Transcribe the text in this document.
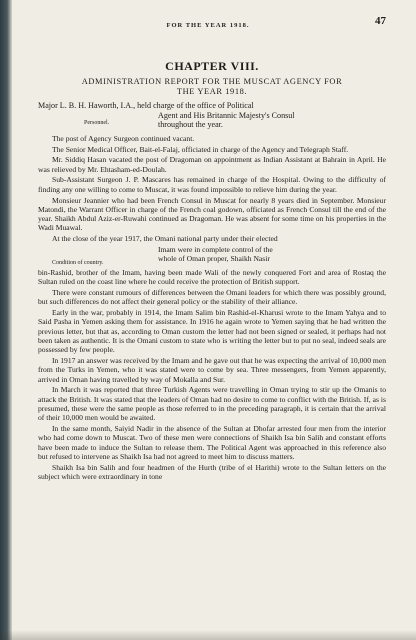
FOR THE YEAR 1918.	47
CHAPTER VIII.
ADMINISTRATION REPORT FOR THE MUSCAT AGENCY FOR
THE YEAR 1918.
Major L. B. H. Haworth, I.A., held charge of the office of Political
Personnel.
Agent and His Britannic Majesty's Consul
throughout the year.

The post of Agency Surgeon continued vacant.

The Senior Medical Officer, Bait-el-Falaj, officiated in charge of the Agency and Telegraph Staff.

Mr. Siddiq Hasan vacated the post of Dragoman on appointment as Indian Assistant at Bahrain in April. He was relieved by Mr. Ehtasham-ed-Doulah.

Sub-Assistant Surgeon J. P. Mascares has remained in charge of the Hospital. Owing to the difficulty of finding any one willing to come to Muscat, it was found impossible to relieve him during the year.

Monsieur Jeannier who had been French Consul in Muscat for nearly 8 years died in September. Monsieur Matondi, the Warrant Officer in charge of the French coal godown, officiated as French Consul till the end of the year. Shaikh Abdul Aziz-er-Ruwahi continued as Dragoman. He was absent for some time on his properties in the Wadi Muawal.

At the close of the year 1917, the Omani national party under their elected

Condition of country.
Imam were in complete control of the
whole of Oman proper, Shaikh Nasir

bin-Rashid, brother of the Imam, having been made Wali of the newly conquered Fort and area of Rostaq the Sultan ruled on the coast line where he could receive the protection of British support.

There were constant rumours of differences between the Omani leaders for which there was possibly ground, but such differences do not affect their general policy or the stability of their alliance.

Early in the war, probably in 1914, the Imam Salim bin Rashid-el-Kharusi wrote to the Imam Yahya and to Said Pasha in Yemen asking them for assistance. In 1916 he again wrote to Yemen saying that he had written the previous letter, but that as, according to Oman custom the letter had not been signed or sealed, it perhaps had not been taken as authentic. It is the Omani custom to state who is writing the letter but to put no seal, indeed seals are possessed by few people.

In 1917 an answer was received by the Imam and he gave out that he was expecting the arrival of 10,000 men from the Turks in Yemen, who it was stated were to come by sea. Three messengers, from Yemen apparently, arrived in Oman having travelled by way of Mokalla and Sur.

In March it was reported that three Turkish Agents were travelling in Oman trying to stir up the Omanis to attack the British. It was stated that the leaders of Oman had no desire to come to conflict with the British. If, as is presumed, these were the same people as those referred to in the preceding paragraph, it is certain that the arrival of their 10,000 men would be awaited.

In the same month, Saiyid Nadir in the absence of the Sultan at Dhofar arrested four men from the interior who had come down to Muscat. Two of these men were connections of Shaikh Isa bin Salih and constant efforts have been made to induce the Sultan to release them. The Political Agent was approached in this reference also but refused to intervene as Shaikh Isa had not agreed to meet him to discuss matters.

Shaikh Isa bin Salih and four headmen of the Hurth (tribe of el Harithi) wrote to the Sultan letters on the subject which were extraordinary in tone
